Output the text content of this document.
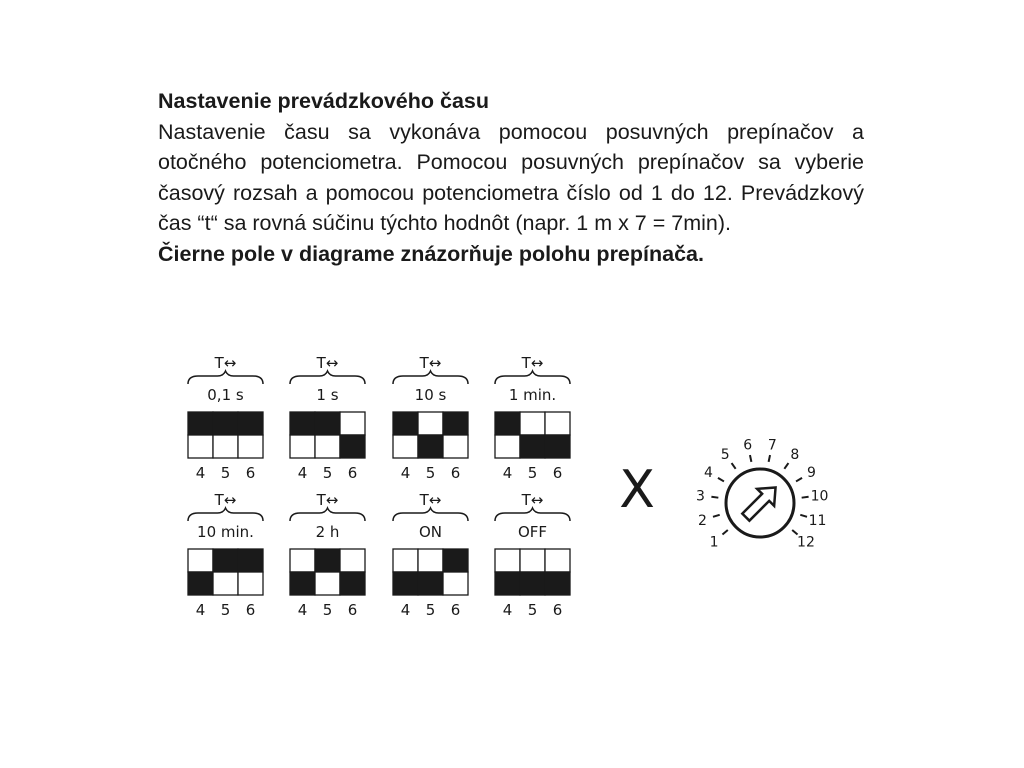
Nastavenie prevádzkového času

Nastavenie času sa vykonáva pomocou posuvných prepínačov a otočného potenciometra. Pomocou posuvných prepínačov sa vyberie časový rozsah a pomocou potenciometra číslo od 1 do 12. Prevádzkový čas “t“ sa rovná súčinu týchto hodnôt (napr. 1 m x 7 = 7min).

Čierne pole v diagrame znázorňuje polohu prepínača.

T↔
0,1 s
4 5 6
T↔
1 s
4 5 6
T↔
10 s
4 5 6
T↔
1 min.
4 5 6
T↔
10 min.
4 5 6
T↔
2 h
4 5 6
T↔
ON
4 5 6
T↔
OFF
4 5 6
X
1
2
3
4
5
6 7
8
9
10
11
12
